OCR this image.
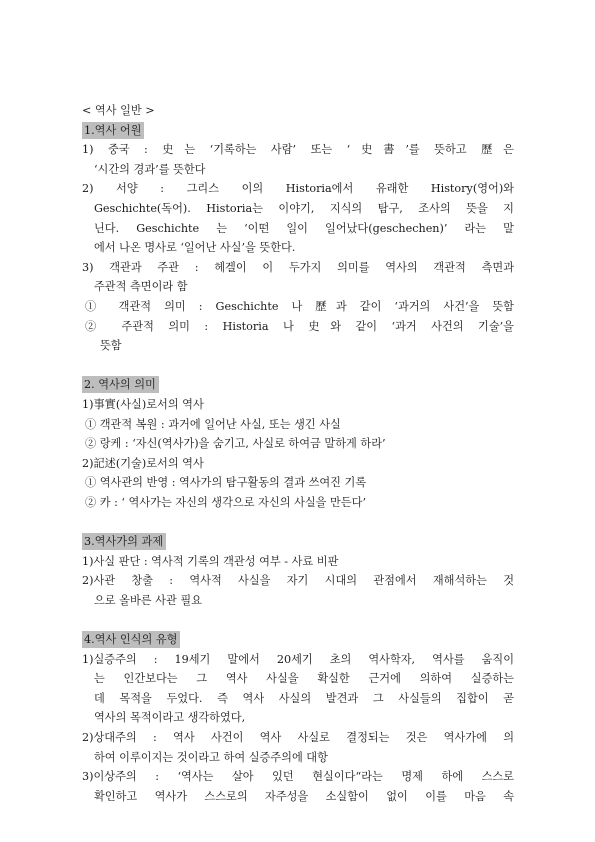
< 역사 일반 >
1.역사 어원
1) 중국 : 史는 ‘기록하는 사람’ 또는 ‘史書’를 뜻하고 歷은
‘시간의 경과’를 뜻한다
2) 서양 : 그리스 이의 Historia에서 유래한 History(영어)와
Geschichte(독어). Historia는 이야기, 지식의 탐구, 조사의 뜻을 지
닌다. Geschichte 는 ‘이떤 일이 일어났다(geschechen)’ 라는 말
에서 나온 명사로 ‘일어난 사실’을 뜻한다.
3) 객관과 주관 : 헤겔이 이 두가지 의미를 역사의 객관적 측면과
주관적 측면이라 함
① 객관적 의미 : Geschichte 나 歷과 같이 ‘과거의 사건’을 뜻함
② 주관적 의미 : Historia 나 史와 같이 ‘과거 사건의 기술’을
뜻함
2. 역사의 의미
1)事實(사실)로서의 역사
① 객관적 복원 : 과거에 일어난 사실, 또는 생긴 사실
② 랑케 : ‘자신(역사가)을 숨기고, 사실로 하여금 말하게 하라’
2)記述(기술)로서의 역사
① 역사관의 반영 : 역사가의 탐구활동의 결과 쓰여진 기록
② 카 : ‘ 역사가는 자신의 생각으로 자신의 사실을 만든다’
3.역사가의 과제
1)사실 판단 : 역사적 기록의 객관성 여부 - 사료 비판
2)사관 창출 : 역사적 사실을 자기 시대의 관점에서 재해석하는 것
으로 올바른 사관 필요
4.역사 인식의 유형
1)실증주의 : 19세기 말에서 20세기 초의 역사학자, 역사를 움직이
는 인간보다는 그 역사 사실을 확실한 근거에 의하여 실증하는
데 목적을 두었다. 즉 역사 사실의 발견과 그 사실들의 집합이 곧
역사의 목적이라고 생각하였다,
2)상대주의 : 역사 사건이 역사 사실로 결정되는 것은 역사가에 의
하여 이루이지는 것이라고 하여 실증주의에 대항
3)이상주의 : ‘역사는 살아 있던 현실이다“라는 명제 하에 스스로
확인하고 역사가 스스로의 자주성을 소실함이 없이 이를 마음 속
